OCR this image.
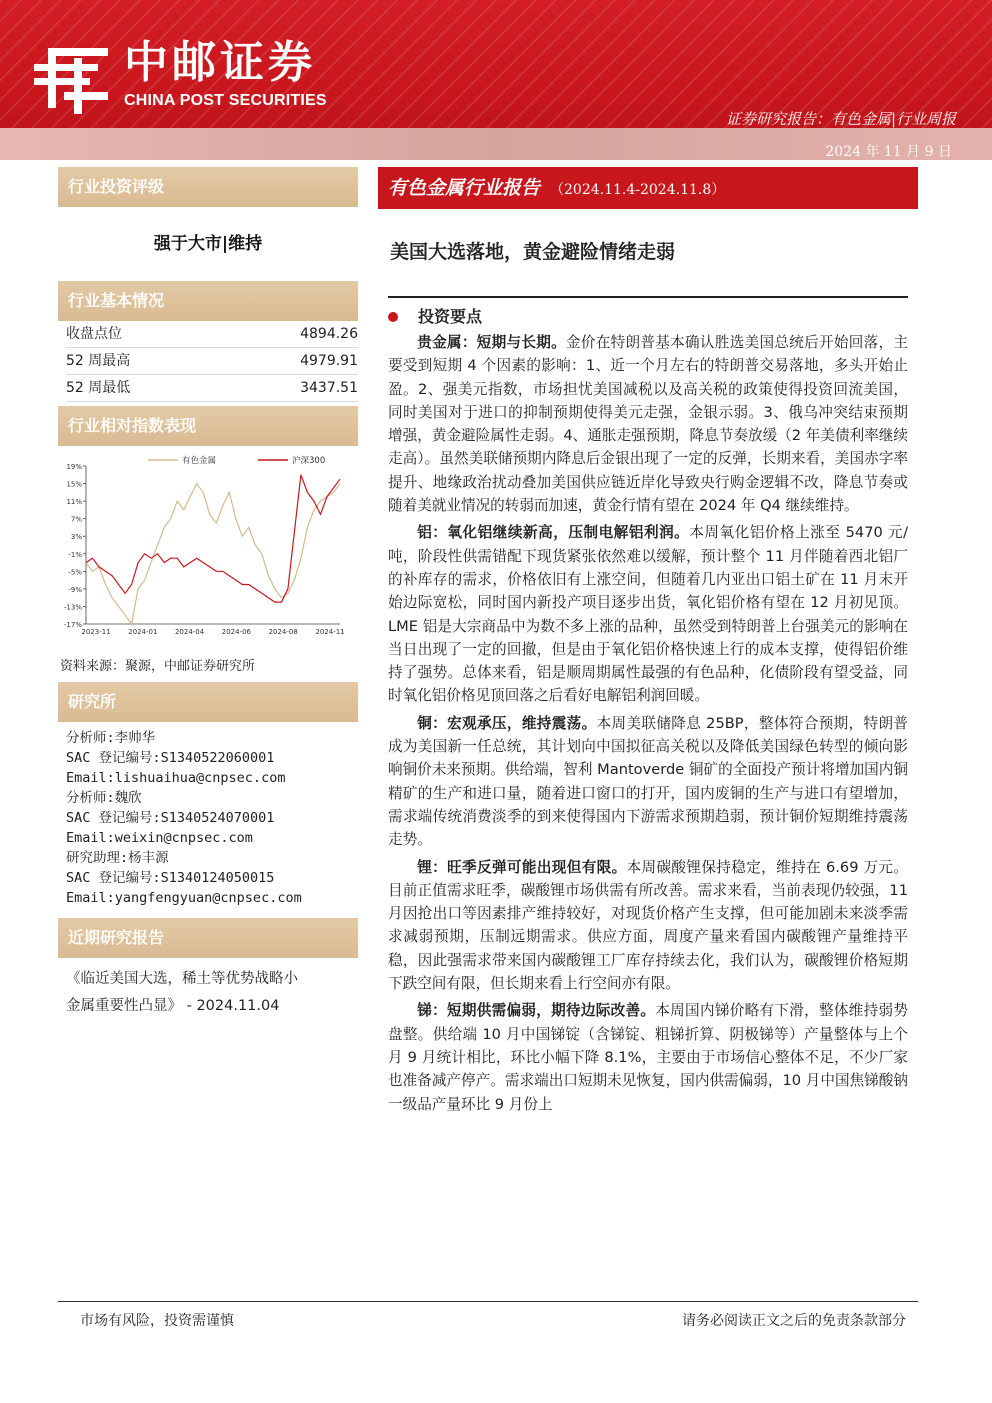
中邮证券
CHINA POST SECURITIES
证券研究报告：有色金属|行业周报
2024 年 11 月 9 日
行业投资评级
强于大市|维持
行业基本情况
收盘点位	4894.26
52 周最高	4979.91
52 周最低	3437.51
行业相对指数表现
19%
15%
11%
7%
3%
-1%
-5%
-9%
-13%
-17%
2023-11	2024-01	2024-04	2024-06	2024-08	2024-11
有色金属	沪深300
资料来源：聚源，中邮证券研究所
研究所
分析师:李帅华
SAC 登记编号:S1340522060001
Email:lishuaihua@cnpsec.com
分析师:魏欣
SAC 登记编号:S1340524070001
Email:weixin@cnpsec.com
研究助理:杨丰源
SAC 登记编号:S1340124050015
Email:yangfengyuan@cnpsec.com
近期研究报告
《临近美国大选，稀土等优势战略小
金属重要性凸显》 - 2024.11.04
有色金属行业报告 （2024.11.4-2024.11.8）
美国大选落地，黄金避险情绪走弱
投资要点
贵金属：短期与长期。金价在特朗普基本确认胜选美国总统后开始回落，主要受到短期 4 个因素的影响：1、近一个月左右的特朗普交易落地，多头开始止盈。2、强美元指数，市场担忧美国减税以及高关税的政策使得投资回流美国，同时美国对于进口的抑制预期使得美元走强，金银示弱。3、俄乌冲突结束预期增强，黄金避险属性走弱。4、通胀走强预期，降息节奏放缓（2 年美债利率继续走高）。虽然美联储预期内降息后金银出现了一定的反弹，长期来看，美国赤字率提升、地缘政治扰动叠加美国供应链近岸化导致央行购金逻辑不改，降息节奏或随着美就业情况的转弱而加速，黄金行情有望在 2024 年 Q4 继续维持。
铝：氧化铝继续新高，压制电解铝利润。本周氧化铝价格上涨至 5470 元/吨，阶段性供需错配下现货紧张依然难以缓解，预计整个 11 月伴随着西北铝厂的补库存的需求，价格依旧有上涨空间，但随着几内亚出口铝土矿在 11 月末开始边际宽松，同时国内新投产项目逐步出货，氧化铝价格有望在 12 月初见顶。LME 铝是大宗商品中为数不多上涨的品种，虽然受到特朗普上台强美元的影响在当日出现了一定的回撤，但是由于氧化铝价格快速上行的成本支撑，使得铝价维持了强势。总体来看，铝是顺周期属性最强的有色品种，化债阶段有望受益，同时氧化铝价格见顶回落之后看好电解铝利润回暖。
铜：宏观承压，维持震荡。本周美联储降息 25BP，整体符合预期，特朗普成为美国新一任总统，其计划向中国拟征高关税以及降低美国绿色转型的倾向影响铜价未来预期。供给端，智利 Mantoverde 铜矿的全面投产预计将增加国内铜精矿的生产和进口量，随着进口窗口的打开，国内废铜的生产与进口有望增加，需求端传统消费淡季的到来使得国内下游需求预期趋弱，预计铜价短期维持震荡走势。
锂：旺季反弹可能出现但有限。本周碳酸锂保持稳定，维持在 6.69 万元。目前正值需求旺季，碳酸锂市场供需有所改善。需求来看，当前表现仍较强，11 月因抢出口等因素排产维持较好，对现货价格产生支撑，但可能加剧未来淡季需求减弱预期，压制远期需求。供应方面，周度产量来看国内碳酸锂产量维持平稳，因此强需求带来国内碳酸锂工厂库存持续去化，我们认为，碳酸锂价格短期下跌空间有限，但长期来看上行空间亦有限。
锑：短期供需偏弱，期待边际改善。本周国内锑价略有下滑，整体维持弱势盘整。供给端 10 月中国锑锭（含锑锭、粗锑折算、阴极锑等）产量整体与上个月 9 月统计相比，环比小幅下降 8.1%，主要由于市场信心整体不足，不少厂家也准备减产停产。需求端出口短期未见恢复，国内供需偏弱，10 月中国焦锑酸钠一级品产量环比 9 月份上
市场有风险，投资需谨慎	请务必阅读正文之后的免责条款部分
